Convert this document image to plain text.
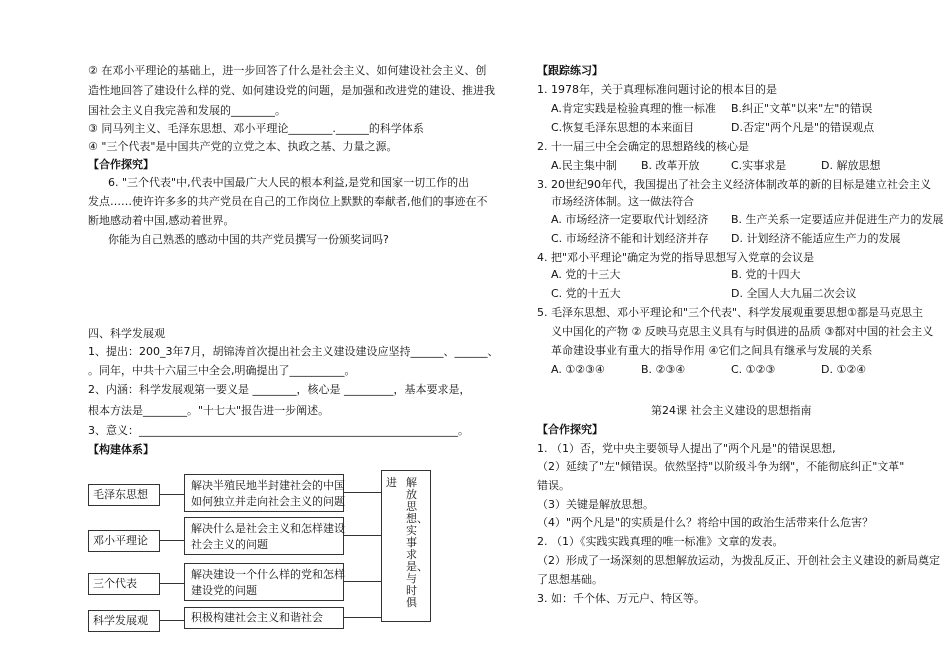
② 在邓小平理论的基础上，进一步回答了什么是社会主义、如何建设社会主义、创
造性地回答了建设什么样的党、如何建设党的问题，是加强和改进党的建设、推进我
国社会主义自我完善和发展的________。
③ 同马列主义、毛泽东思想、邓小平理论________.______的科学体系
④ "三个代表"是中国共产党的立党之本、执政之基、力量之源。
【合作探究】
6. "三个代表"中,代表中国最广大人民的根本利益,是党和国家一切工作的出
发点……使许许多多的共产党员在自己的工作岗位上默默的奉献者,他们的事迹在不
断地感动着中国,感动着世界。
你能为自己熟悉的感动中国的共产党员撰写一份颁奖词吗?
四、科学发展观
1、提出：200_3年7月，胡锦涛首次提出社会主义建设建设应坚持______、______、
。同年，中共十六届三中全会,明确提出了__________。
2、内涵：科学发展观第一要义是 ________，核心是 _________，基本要求是，
根本方法是________。"十七大"报告进一步阐述。
3、意义：__________________________________________________________。
【构建体系】
毛泽东思想
邓小平理论
三个代表
科学发展观
解决半殖民地半封建社会的中国
如何独立并走向社会主义的问题
解决什么是社会主义和怎样建设
社会主义的问题
解决建设一个什么样的党和怎样
建设党的问题
积极构建社会主义和谐社会
进 解放思想、实事求是、与时俱
【跟踪练习】
1. 1978年，关于真理标准问题讨论的根本目的是
A.肯定实践是检验真理的惟一标准 B.纠正"文革"以来"左"的错误
C.恢复毛泽东思想的本来面目	D.否定"两个凡是"的错误观点
2. 十一届三中全会确定的思想路线的核心是
A.民主集中制 B. 改革开放	C.实事求是	D. 解放思想
3. 20世纪90年代，我国提出了社会主义经济体制改革的新的目标是建立社会主义
市场经济体制。这一做法符合
A. 市场经济一定要取代计划经济 B. 生产关系一定要适应并促进生产力的发展
C. 市场经济不能和计划经济并存 D. 计划经济不能适应生产力的发展
4. 把"邓小平理论"确定为党的指导思想写入党章的会议是
A. 党的十三大	B. 党的十四大
C. 党的十五大	D. 全国人大九届二次会议
5. 毛泽东思想、邓小平理论和"三个代表"、科学发展观重要思想①都是马克思主
义中国化的产物 ② 反映马克思主义具有与时俱进的品质 ③都对中国的社会主义
革命建设事业有重大的指导作用 ④它们之间具有继承与发展的关系
A. ①②③④	B. ②③④	C. ①②③	D. ①②④
第24课 社会主义建设的思想指南
【合作探究】
1. （1）否，党中央主要领导人提出了"两个凡是"的错误思想,
（2）延续了"左"倾错误。依然坚持"以阶级斗争为纲"，不能彻底纠正"文革"
错误。
（3）关键是解放思想。
（4）"两个凡是"的实质是什么？将给中国的政治生活带来什么危害？
2. （1）《实践实践真理的唯一标准》文章的发表。
（2）形成了一场深刻的思想解放运动，为拨乱反正、开创社会主义建设的新局奠定
了思想基础。
3. 如：千个体、万元户、特区等。
